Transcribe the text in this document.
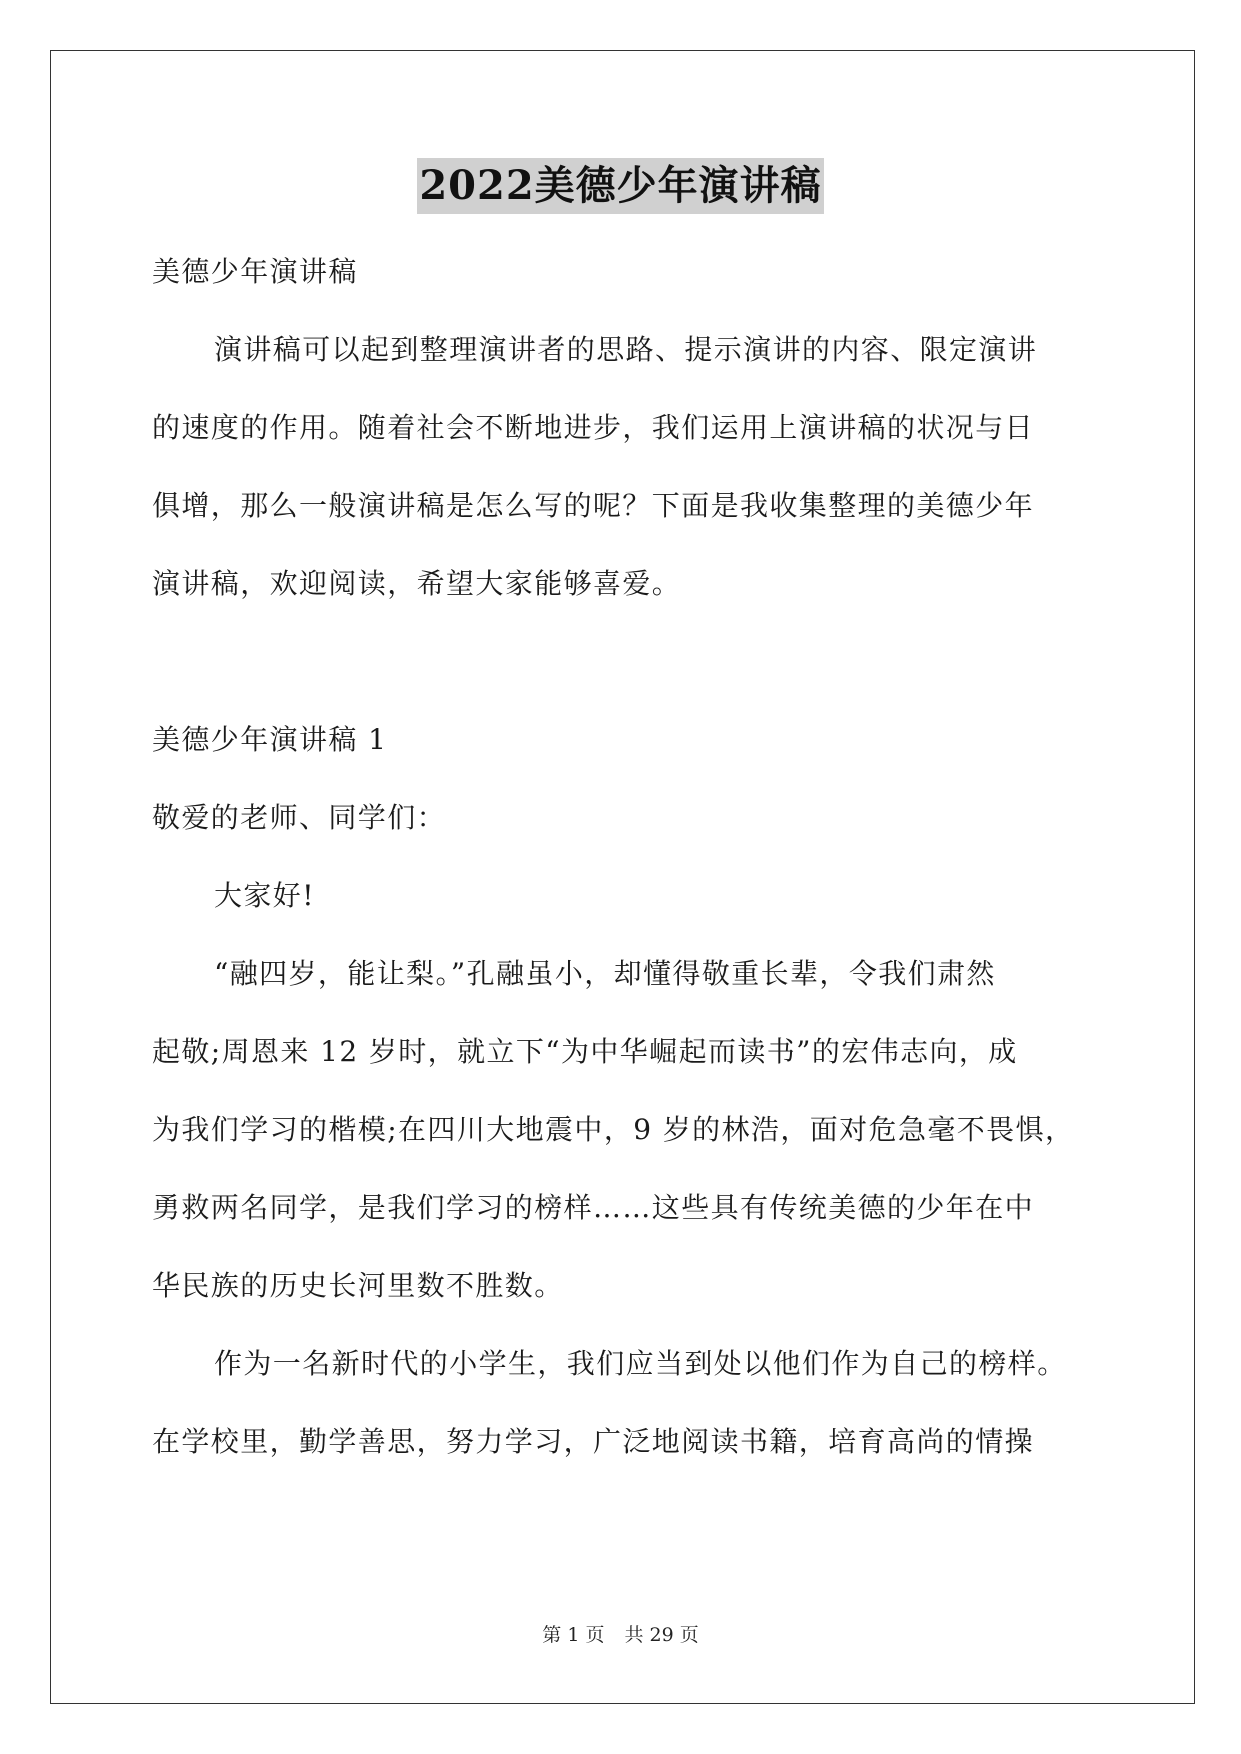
2022美德少年演讲稿
美德少年演讲稿
演讲稿可以起到整理演讲者的思路、提示演讲的内容、限定演讲
的速度的作用。随着社会不断地进步，我们运用上演讲稿的状况与日
俱增，那么一般演讲稿是怎么写的呢？下面是我收集整理的美德少年
演讲稿，欢迎阅读，希望大家能够喜爱。
美德少年演讲稿 1
敬爱的老师、同学们：
大家好!
“融四岁，能让梨。”孔融虽小，却懂得敬重长辈，令我们肃然
起敬;周恩来 12 岁时，就立下“为中华崛起而读书”的宏伟志向，成
为我们学习的楷模;在四川大地震中，9 岁的林浩，面对危急毫不畏惧，
勇救两名同学，是我们学习的榜样……这些具有传统美德的少年在中
华民族的历史长河里数不胜数。
作为一名新时代的小学生，我们应当到处以他们作为自己的榜样。
在学校里，勤学善思，努力学习，广泛地阅读书籍，培育高尚的情操
第 1 页 共 29 页
